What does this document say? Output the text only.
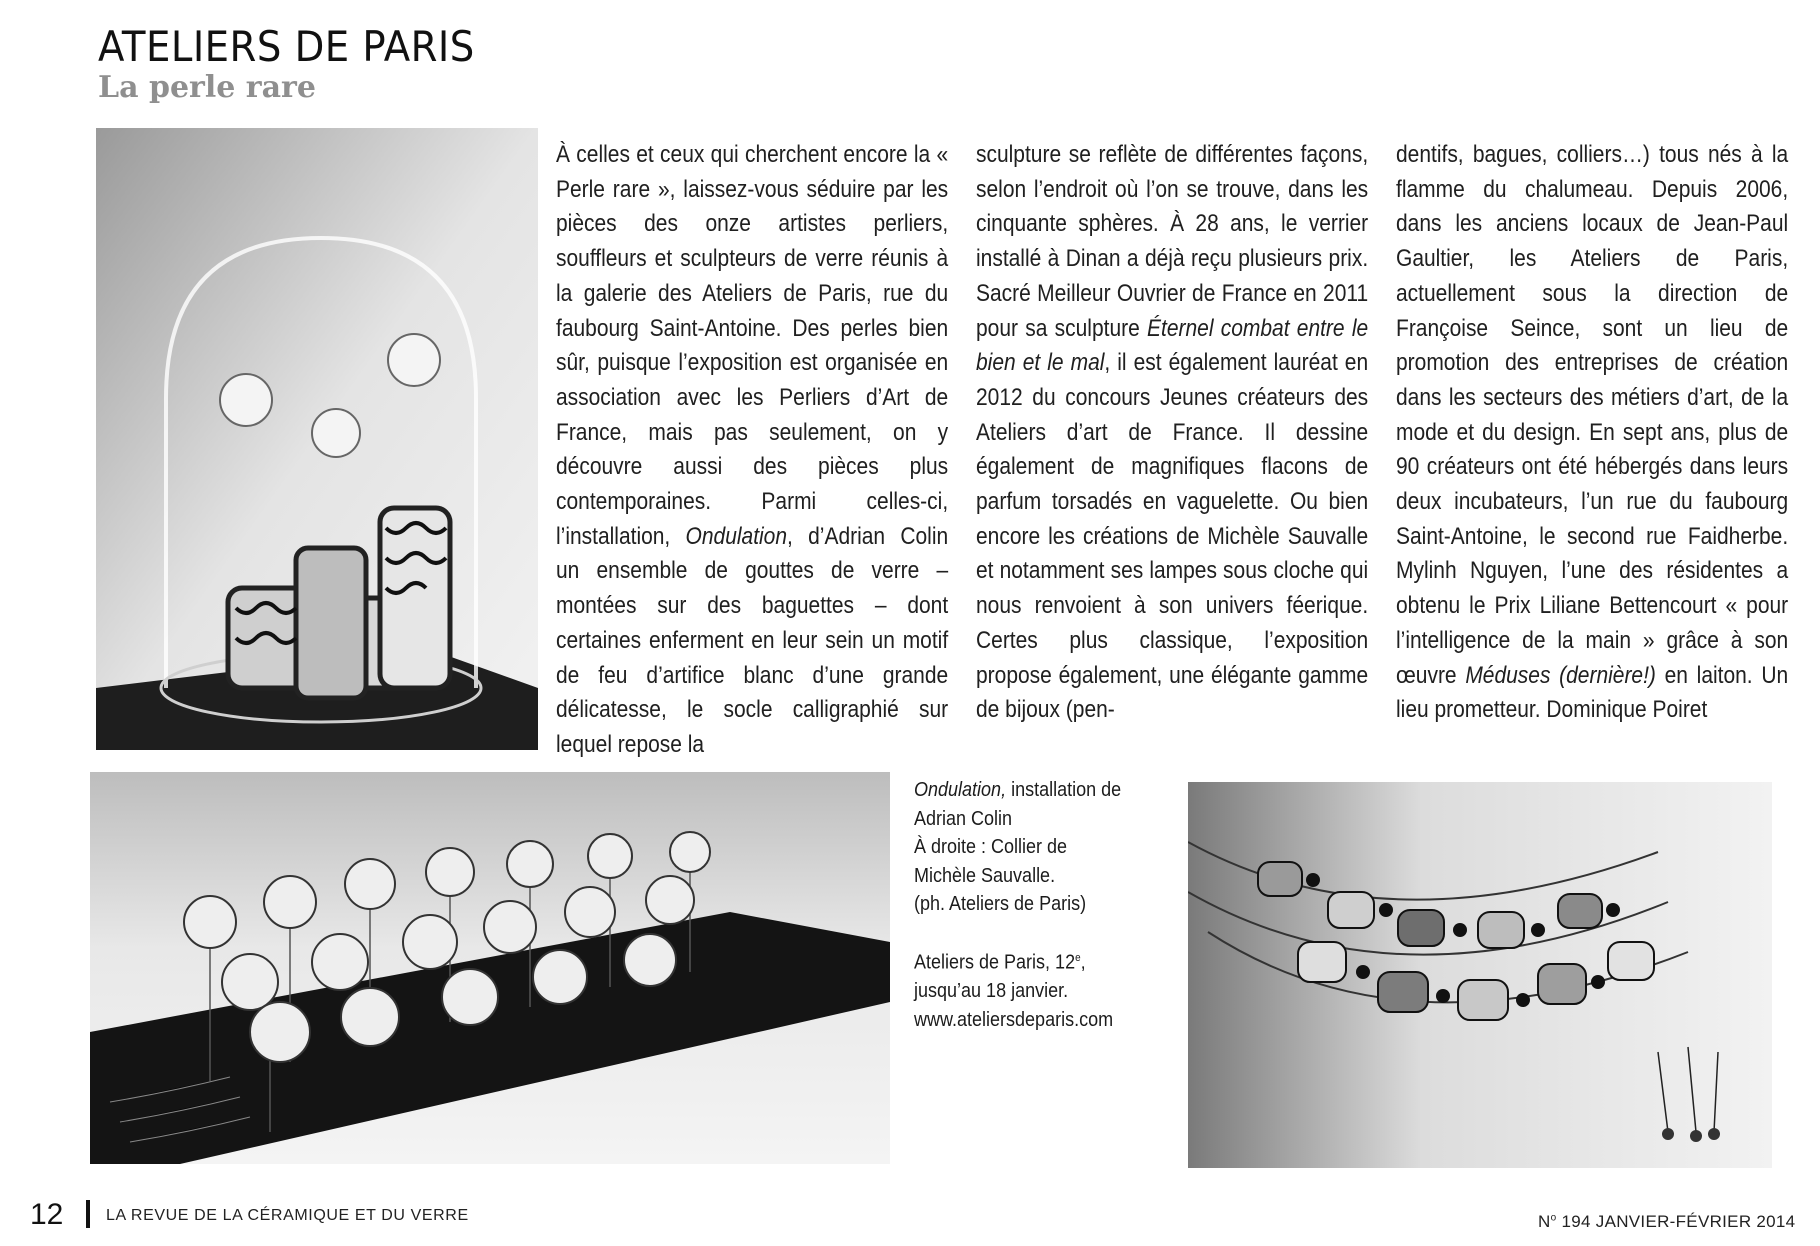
ATELIERS DE PARIS
La perle rare
À celles et ceux qui cherchent encore la « Perle rare », laissez-vous séduire par les pièces des onze artistes perliers, souffleurs et sculpteurs de verre réunis à la galerie des Ateliers de Paris, rue du faubourg Saint-Antoine. Des perles bien sûr, puisque l’exposition est organisée en association avec les Perliers d’Art de France, mais pas seulement, on y découvre aussi des pièces plus contemporaines. Parmi celles-ci, l’installation, Ondulation, d’Adrian Colin un ensemble de gouttes de verre – montées sur des baguettes – dont certaines enferment en leur sein un motif de feu d’artifice blanc d’une grande délicatesse, le socle calligraphié sur lequel repose la
sculpture se reflète de différentes façons, selon l’endroit où l’on se trouve, dans les cinquante sphères. À 28 ans, le verrier installé à Dinan a déjà reçu plusieurs prix. Sacré Meilleur Ouvrier de France en 2011 pour sa sculpture Éternel combat entre le bien et le mal, il est également lauréat en 2012 du concours Jeunes créateurs des Ateliers d’art de France. Il dessine également de magnifiques flacons de parfum torsadés en vaguelette. Ou bien encore les créations de Michèle Sauvalle et notamment ses lampes sous cloche qui nous renvoient à son univers féerique. Certes plus classique, l’exposition propose également, une élégante gamme de bijoux (pen-
dentifs, bagues, colliers…) tous nés à la flamme du chalumeau. Depuis 2006, dans les anciens locaux de Jean-Paul Gaultier, les Ateliers de Paris, actuellement sous la direction de Françoise Seince, sont un lieu de promotion des entreprises de création dans les secteurs des métiers d’art, de la mode et du design. En sept ans, plus de 90 créateurs ont été hébergés dans leurs deux incubateurs, l’un rue du faubourg Saint-Antoine, le second rue Faidherbe. Mylinh Nguyen, l’une des résidentes a obtenu le Prix Liliane Bettencourt « pour l’intelligence de la main » grâce à son œuvre Méduses (dernière!) en laiton. Un lieu prometteur. Dominique Poiret
Ondulation, installation de
Adrian Colin
À droite : Collier de
Michèle Sauvalle.
(ph. Ateliers de Paris)
Ateliers de Paris, 12e,
jusqu’au 18 janvier.
www.ateliersdeparis.com
12	LA REVUE DE LA CÉRAMIQUE ET DU VERRE	$N^o$ 194 JANVIER-FÉVRIER 2014
